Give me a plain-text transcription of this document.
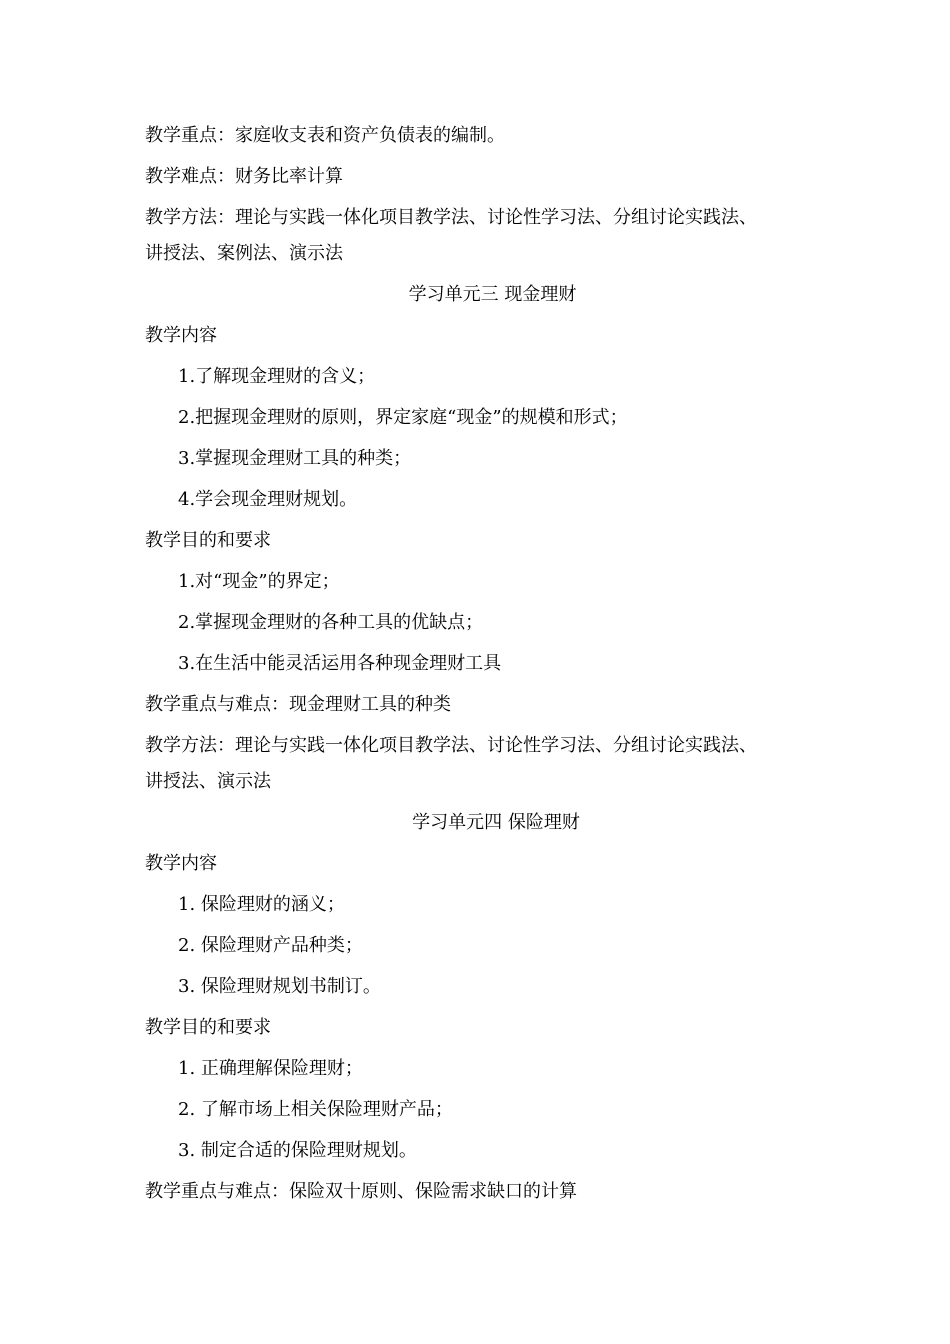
教学重点：家庭收支表和资产负债表的编制。
教学难点：财务比率计算
教学方法：理论与实践一体化项目教学法、讨论性学习法、分组讨论实践法、
讲授法、案例法、演示法
学习单元三 现金理财
教学内容
1.了解现金理财的含义；
2.把握现金理财的原则，界定家庭“现金”的规模和形式；
3.掌握现金理财工具的种类；
4.学会现金理财规划。
教学目的和要求
1.对“现金”的界定；
2.掌握现金理财的各种工具的优缺点；
3.在生活中能灵活运用各种现金理财工具
教学重点与难点：现金理财工具的种类
教学方法：理论与实践一体化项目教学法、讨论性学习法、分组讨论实践法、
讲授法、演示法
学习单元四 保险理财
教学内容
1. 保险理财的涵义；
2. 保险理财产品种类；
3. 保险理财规划书制订。
教学目的和要求
1. 正确理解保险理财；
2. 了解市场上相关保险理财产品；
3. 制定合适的保险理财规划。
教学重点与难点：保险双十原则、保险需求缺口的计算
